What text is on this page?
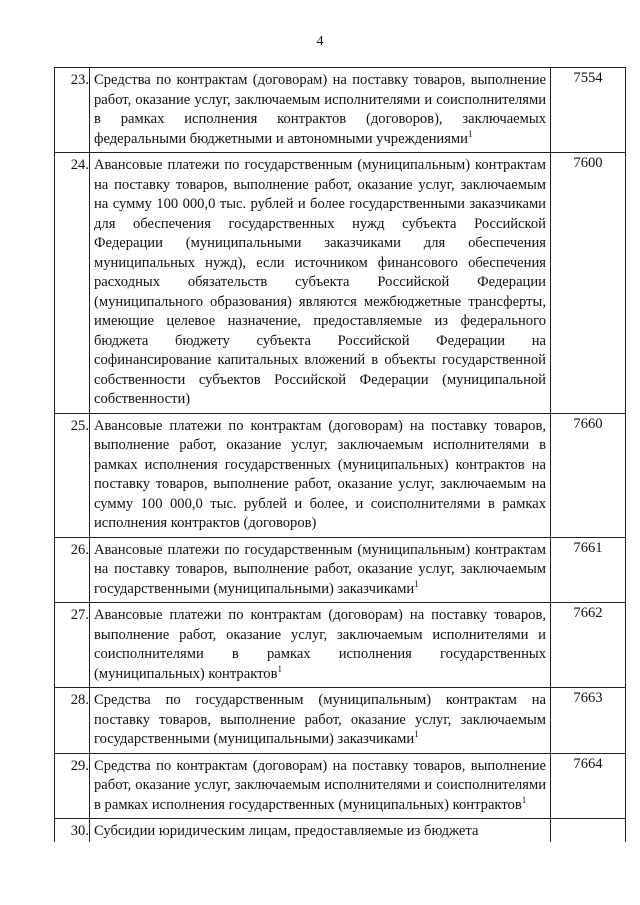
4
23.	Средства по контрактам (договорам) на поставку товаров, выполнение работ, оказание услуг, заключаемым исполнителями и соисполнителями в рамках исполнения контрактов (договоров), заключаемых федеральными бюджетными и автономными учреждениями$^1$	7554
24.	Авансовые платежи по государственным (муниципальным) контрактам на поставку товаров, выполнение работ, оказание услуг, заключаемым на сумму 100 000,0 тыс. рублей и более государственными заказчиками для обеспечения государственных нужд субъекта Российской Федерации (муниципальными заказчиками для обеспечения муниципальных нужд), если источником финансового обеспечения расходных обязательств субъекта Российской Федерации (муниципального образования) являются межбюджетные трансферты, имеющие целевое назначение, предоставляемые из федерального бюджета бюджету субъекта Российской Федерации на софинансирование капитальных вложений в объекты государственной собственности субъектов Российской Федерации (муниципальной собственности)	7600
25.	Авансовые платежи по контрактам (договорам) на поставку товаров, выполнение работ, оказание услуг, заключаемым исполнителями в рамках исполнения государственных (муниципальных) контрактов на поставку товаров, выполнение работ, оказание услуг, заключаемым на сумму 100 000,0 тыс. рублей и более, и соисполнителями в рамках исполнения контрактов (договоров)	7660
26.	Авансовые платежи по государственным (муниципальным) контрактам на поставку товаров, выполнение работ, оказание услуг, заключаемым государственными (муниципальными) заказчиками$^1$	7661
27.	Авансовые платежи по контрактам (договорам) на поставку товаров, выполнение работ, оказание услуг, заключаемым исполнителями и соисполнителями в рамках исполнения государственных (муниципальных) контрактов$^1$	7662
28.	Средства по государственным (муниципальным) контрактам на поставку товаров, выполнение работ, оказание услуг, заключаемым государственными (муниципальными) заказчиками$^1$	7663
29.	Средства по контрактам (договорам) на поставку товаров, выполнение работ, оказание услуг, заключаемым исполнителями и соисполнителями в рамках исполнения государственных (муниципальных) контрактов$^1$	7664
30.	Субсидии юридическим лицам, предоставляемые из бюджета	
